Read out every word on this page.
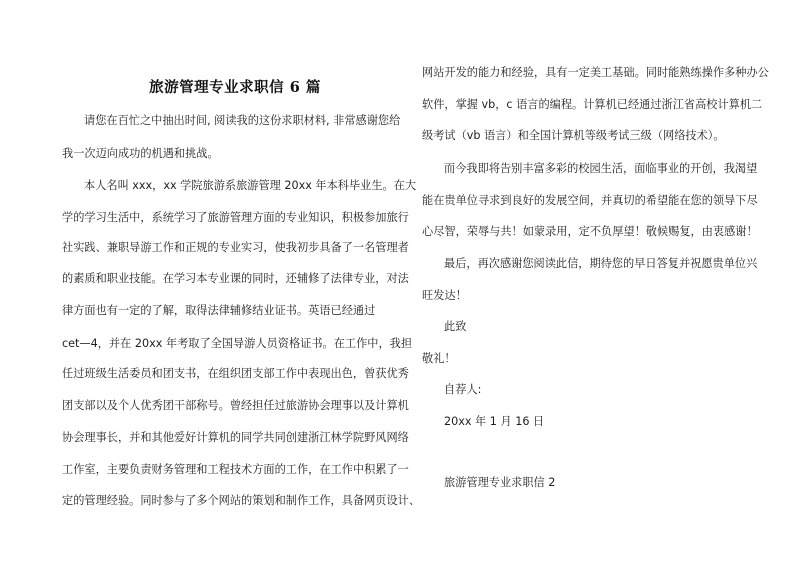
旅游管理专业求职信 6 篇
请您在百忙之中抽出时间, 阅读我的这份求职材料, 非常感谢您给
我一次迈向成功的机遇和挑战。
本人名叫 xxx，xx 学院旅游系旅游管理 20xx 年本科毕业生。在大
学的学习生活中，系统学习了旅游管理方面的专业知识，积极参加旅行
社实践、兼职导游工作和正规的专业实习，使我初步具备了一名管理者
的素质和职业技能。在学习本专业课的同时，还辅修了法律专业，对法
律方面也有一定的了解，取得法律辅修结业证书。英语已经通过
cet—4，并在 20xx 年考取了全国导游人员资格证书。在工作中，我担
任过班级生活委员和团支书，在组织团支部工作中表现出色，曾获优秀
团支部以及个人优秀团干部称号。曾经担任过旅游协会理事以及计算机
协会理事长，并和其他爱好计算机的同学共同创建浙江林学院野风网络
工作室，主要负责财务管理和工程技术方面的工作，在工作中积累了一
定的管理经验。同时参与了多个网站的策划和制作工作，具备网页设计、
网站开发的能力和经验，具有一定美工基础。同时能熟练操作多种办公
软件，掌握 vb，c 语言的编程。计算机已经通过浙江省高校计算机二
级考试（vb 语言）和全国计算机等级考试三级（网络技术）。
而今我即将告别丰富多彩的校园生活，面临事业的开创，我渴望
能在贵单位寻求到良好的发展空间，并真切的希望能在您的领导下尽
心尽智，荣辱与共！如蒙录用，定不负厚望！敬候赐复，由衷感谢！
最后，再次感谢您阅读此信，期待您的早日答复并祝愿贵单位兴
旺发达！
此致
敬礼！
自荐人:
20xx 年 1 月 16 日
旅游管理专业求职信 2
